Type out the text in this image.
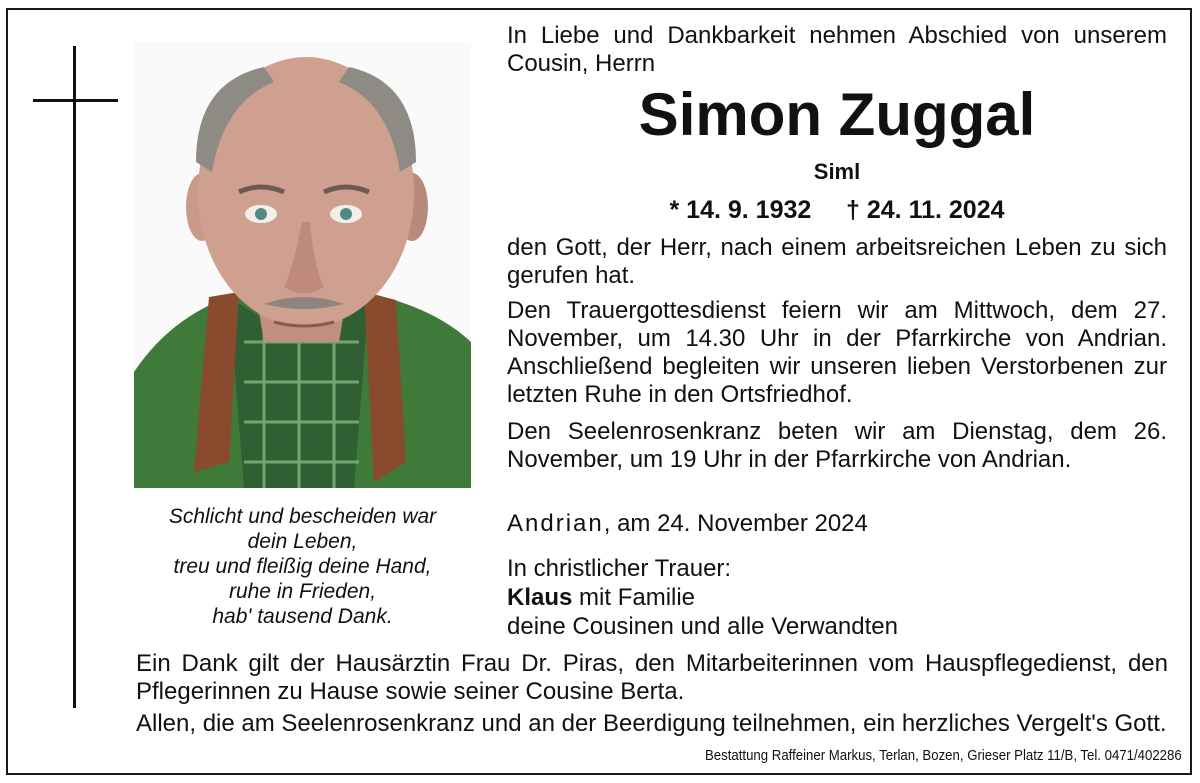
Schlicht und bescheiden war
dein Leben,
treu und fleißig deine Hand,
ruhe in Frieden,
hab' tausend Dank.
In Liebe und Dankbarkeit nehmen Abschied von unserem Cousin, Herrn
Simon Zuggal
Siml
* 14. 9. 1932     † 24. 11. 2024
den Gott, der Herr, nach einem arbeitsreichen Leben zu sich gerufen hat.
Den Trauergottesdienst feiern wir am Mittwoch, dem 27. November, um 14.30 Uhr in der Pfarrkirche von Andrian. Anschließend begleiten wir unseren lieben Verstorbenen zur letzten Ruhe in den Ortsfriedhof.
Den Seelenrosenkranz beten wir am Dienstag, dem 26. November, um 19 Uhr in der Pfarrkirche von Andrian.
Andrian, am 24. November 2024
In christlicher Trauer:
Klaus mit Familie
deine Cousinen und alle Verwandten
Ein Dank gilt der Hausärztin Frau Dr. Piras, den Mitarbeiterinnen vom Hauspflegedienst, den Pflegerinnen zu Hause sowie seiner Cousine Berta.
Allen, die am Seelenrosenkranz und an der Beerdigung teilnehmen, ein herzliches Vergelt's Gott.
Bestattung Raffeiner Markus, Terlan, Bozen, Grieser Platz 11/B, Tel. 0471/402286
